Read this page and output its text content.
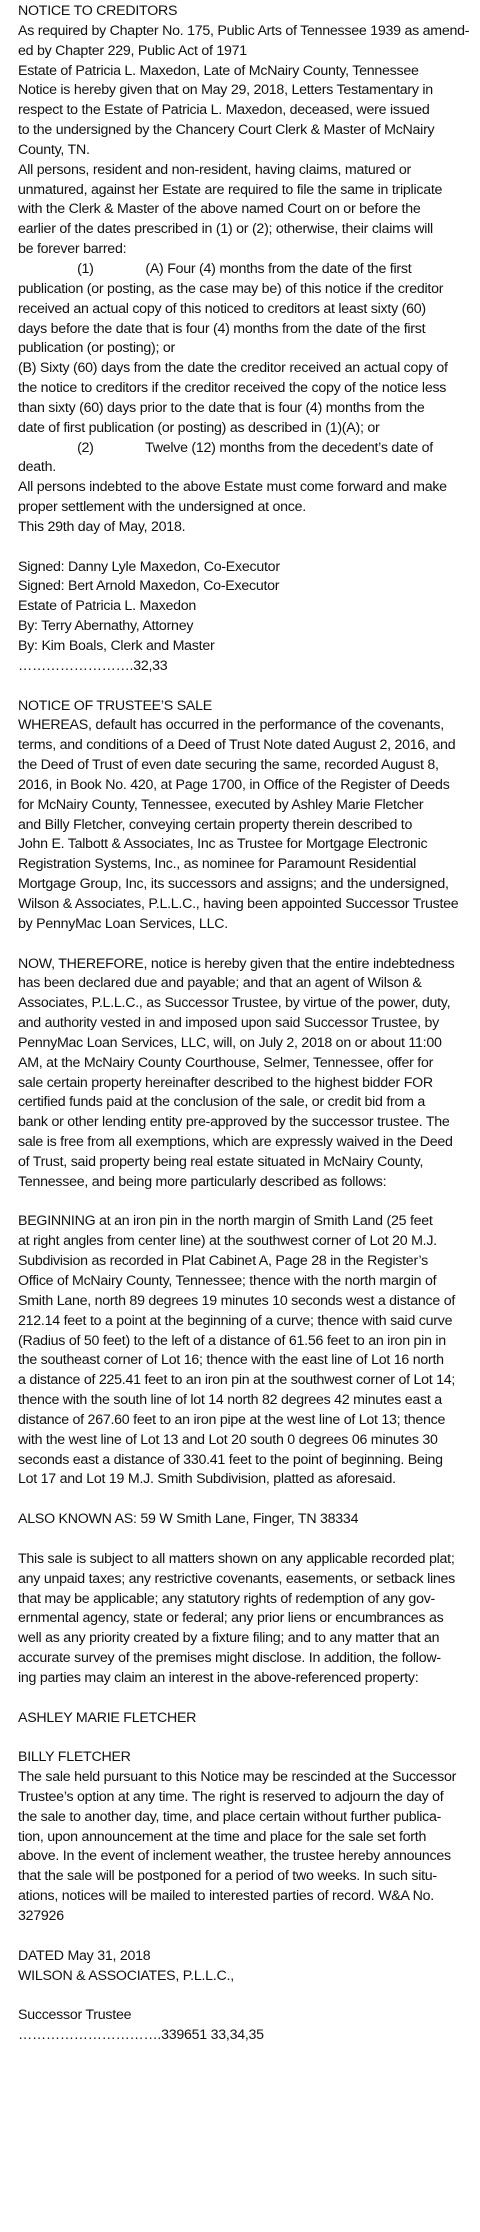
NOTICE TO CREDITORS
As required by Chapter No. 175, Public Arts of Tennessee 1939 as amend-
ed by Chapter 229, Public Act of 1971
Estate of Patricia L. Maxedon, Late of McNairy County, Tennessee
Notice is hereby given that on May 29, 2018, Letters Testamentary in
respect to the Estate of Patricia L. Maxedon, deceased, were issued
to the undersigned by the Chancery Court Clerk & Master of McNairy
County, TN.
All persons, resident and non-resident, having claims, matured or
unmatured, against her Estate are required to file the same in triplicate
with the Clerk & Master of the above named Court on or before the
earlier of the dates prescribed in (1) or (2); otherwise, their claims will
be forever barred:
(1)              (A) Four (4) months from the date of the first
publication (or posting, as the case may be) of this notice if the creditor
received an actual copy of this noticed to creditors at least sixty (60)
days before the date that is four (4) months from the date of the first
publication (or posting); or
(B) Sixty (60) days from the date the creditor received an actual copy of
the notice to creditors if the creditor received the copy of the notice less
than sixty (60) days prior to the date that is four (4) months from the
date of first publication (or posting) as described in (1)(A); or
(2)              Twelve (12) months from the decedent’s date of
death.
All persons indebted to the above Estate must come forward and make
proper settlement with the undersigned at once.
This 29th day of May, 2018.
Signed: Danny Lyle Maxedon, Co-Executor
Signed: Bert Arnold Maxedon, Co-Executor
Estate of Patricia L. Maxedon
By: Terry Abernathy, Attorney
By: Kim Boals, Clerk and Master
…………………….32,33
NOTICE OF TRUSTEE’S SALE
WHEREAS, default has occurred in the performance of the covenants,
terms, and conditions of a Deed of Trust Note dated August 2, 2016, and
the Deed of Trust of even date securing the same, recorded August 8,
2016, in Book No. 420, at Page 1700, in Office of the Register of Deeds
for McNairy County, Tennessee, executed by Ashley Marie Fletcher
and Billy Fletcher, conveying certain property therein described to
John E. Talbott & Associates, Inc as Trustee for Mortgage Electronic
Registration Systems, Inc., as nominee for Paramount Residential
Mortgage Group, Inc, its successors and assigns; and the undersigned,
Wilson & Associates, P.L.L.C., having been appointed Successor Trustee
by PennyMac Loan Services, LLC.
NOW, THEREFORE, notice is hereby given that the entire indebtedness
has been declared due and payable; and that an agent of Wilson &
Associates, P.L.L.C., as Successor Trustee, by virtue of the power, duty,
and authority vested in and imposed upon said Successor Trustee, by
PennyMac Loan Services, LLC, will, on July 2, 2018 on or about 11:00
AM, at the McNairy County Courthouse, Selmer, Tennessee, offer for
sale certain property hereinafter described to the highest bidder FOR
certified funds paid at the conclusion of the sale, or credit bid from a
bank or other lending entity pre-approved by the successor trustee. The
sale is free from all exemptions, which are expressly waived in the Deed
of Trust, said property being real estate situated in McNairy County,
Tennessee, and being more particularly described as follows:
BEGINNING at an iron pin in the north margin of Smith Land (25 feet
at right angles from center line) at the southwest corner of Lot 20 M.J.
Subdivision as recorded in Plat Cabinet A, Page 28 in the Register’s
Office of McNairy County, Tennessee; thence with the north margin of
Smith Lane, north 89 degrees 19 minutes 10 seconds west a distance of
212.14 feet to a point at the beginning of a curve; thence with said curve
(Radius of 50 feet) to the left of a distance of 61.56 feet to an iron pin in
the southeast corner of Lot 16; thence with the east line of Lot 16 north
a distance of 225.41 feet to an iron pin at the southwest corner of Lot 14;
thence with the south line of lot 14 north 82 degrees 42 minutes east a
distance of 267.60 feet to an iron pipe at the west line of Lot 13; thence
with the west line of Lot 13 and Lot 20 south 0 degrees 06 minutes 30
seconds east a distance of 330.41 feet to the point of beginning. Being
Lot 17 and Lot 19 M.J. Smith Subdivision, platted as aforesaid.
ALSO KNOWN AS: 59 W Smith Lane, Finger, TN 38334
This sale is subject to all matters shown on any applicable recorded plat;
any unpaid taxes; any restrictive covenants, easements, or setback lines
that may be applicable; any statutory rights of redemption of any gov-
ernmental agency, state or federal; any prior liens or encumbrances as
well as any priority created by a fixture filing; and to any matter that an
accurate survey of the premises might disclose. In addition, the follow-
ing parties may claim an interest in the above-referenced property:
ASHLEY MARIE FLETCHER
BILLY FLETCHER
The sale held pursuant to this Notice may be rescinded at the Successor
Trustee’s option at any time. The right is reserved to adjourn the day of
the sale to another day, time, and place certain without further publica-
tion, upon announcement at the time and place for the sale set forth
above. In the event of inclement weather, the trustee hereby announces
that the sale will be postponed for a period of two weeks. In such situ-
ations, notices will be mailed to interested parties of record. W&A No.
327926
DATED May 31, 2018
WILSON & ASSOCIATES, P.L.L.C.,
Successor Trustee
………………………….339651 33,34,35
